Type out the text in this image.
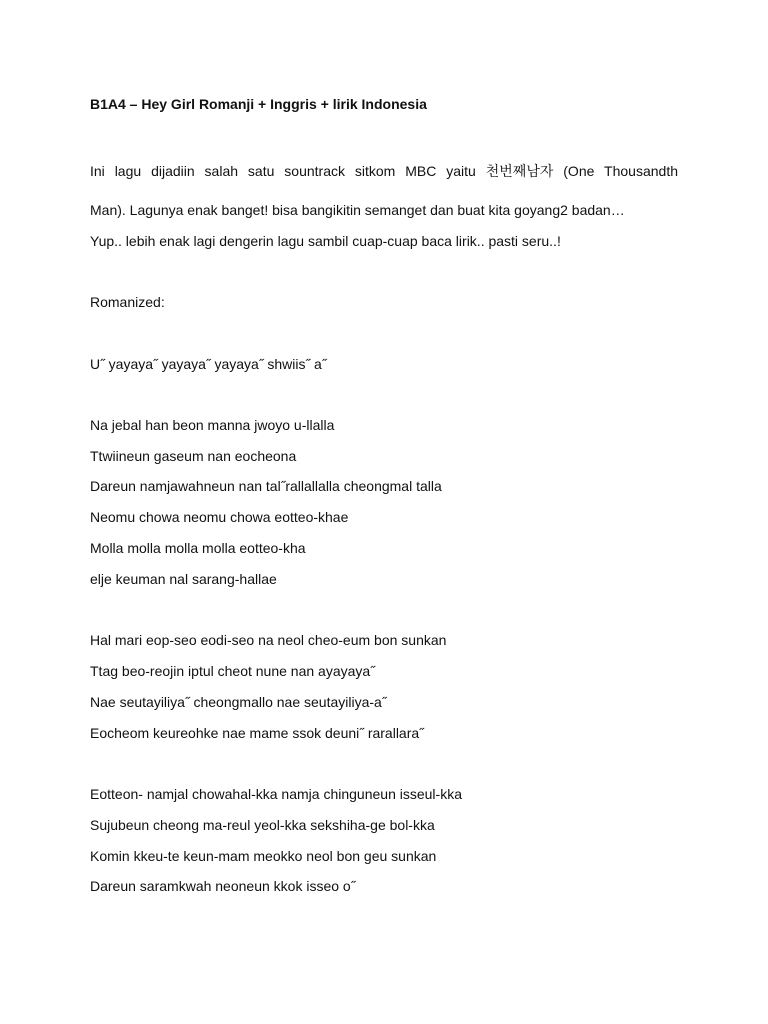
B1A4 – Hey Girl Romanji + Inggris + lirik Indonesia
Ini lagu dijadiin salah satu sountrack sitkom MBC yaitu 천번째남자 (One Thousandth
Man). Lagunya enak banget! bisa bangikitin semanget dan buat kita goyang2 badan…
Yup.. lebih enak lagi dengerin lagu sambil cuap-cuap baca lirik.. pasti seru..!
Romanized:
U˝ yayaya˝ yayaya˝ yayaya˝ shwiis˝ a˝
Na jebal han beon manna jwoyo u-llalla
Ttwiineun gaseum nan eocheona
Dareun namjawahneun nan tal˝rallallalla cheongmal talla
Neomu chowa neomu chowa eotteo-khae
Molla molla molla molla eotteo-kha
elje keuman nal sarang-hallae
Hal mari eop-seo eodi-seo na neol cheo-eum bon sunkan
Ttag beo-reojin iptul cheot nune nan ayayaya˝
Nae seutayiliya˝ cheongmallo nae seutayiliya-a˝
Eocheom keureohke nae mame ssok deuni˝ rarallara˝
Eotteon- namjal chowahal-kka namja chinguneun isseul-kka
Sujubeun cheong ma-reul yeol-kka sekshiha-ge bol-kka
Komin kkeu-te keun-mam meokko neol bon geu sunkan
Dareun saramkwah neoneun kkok isseo o˝
